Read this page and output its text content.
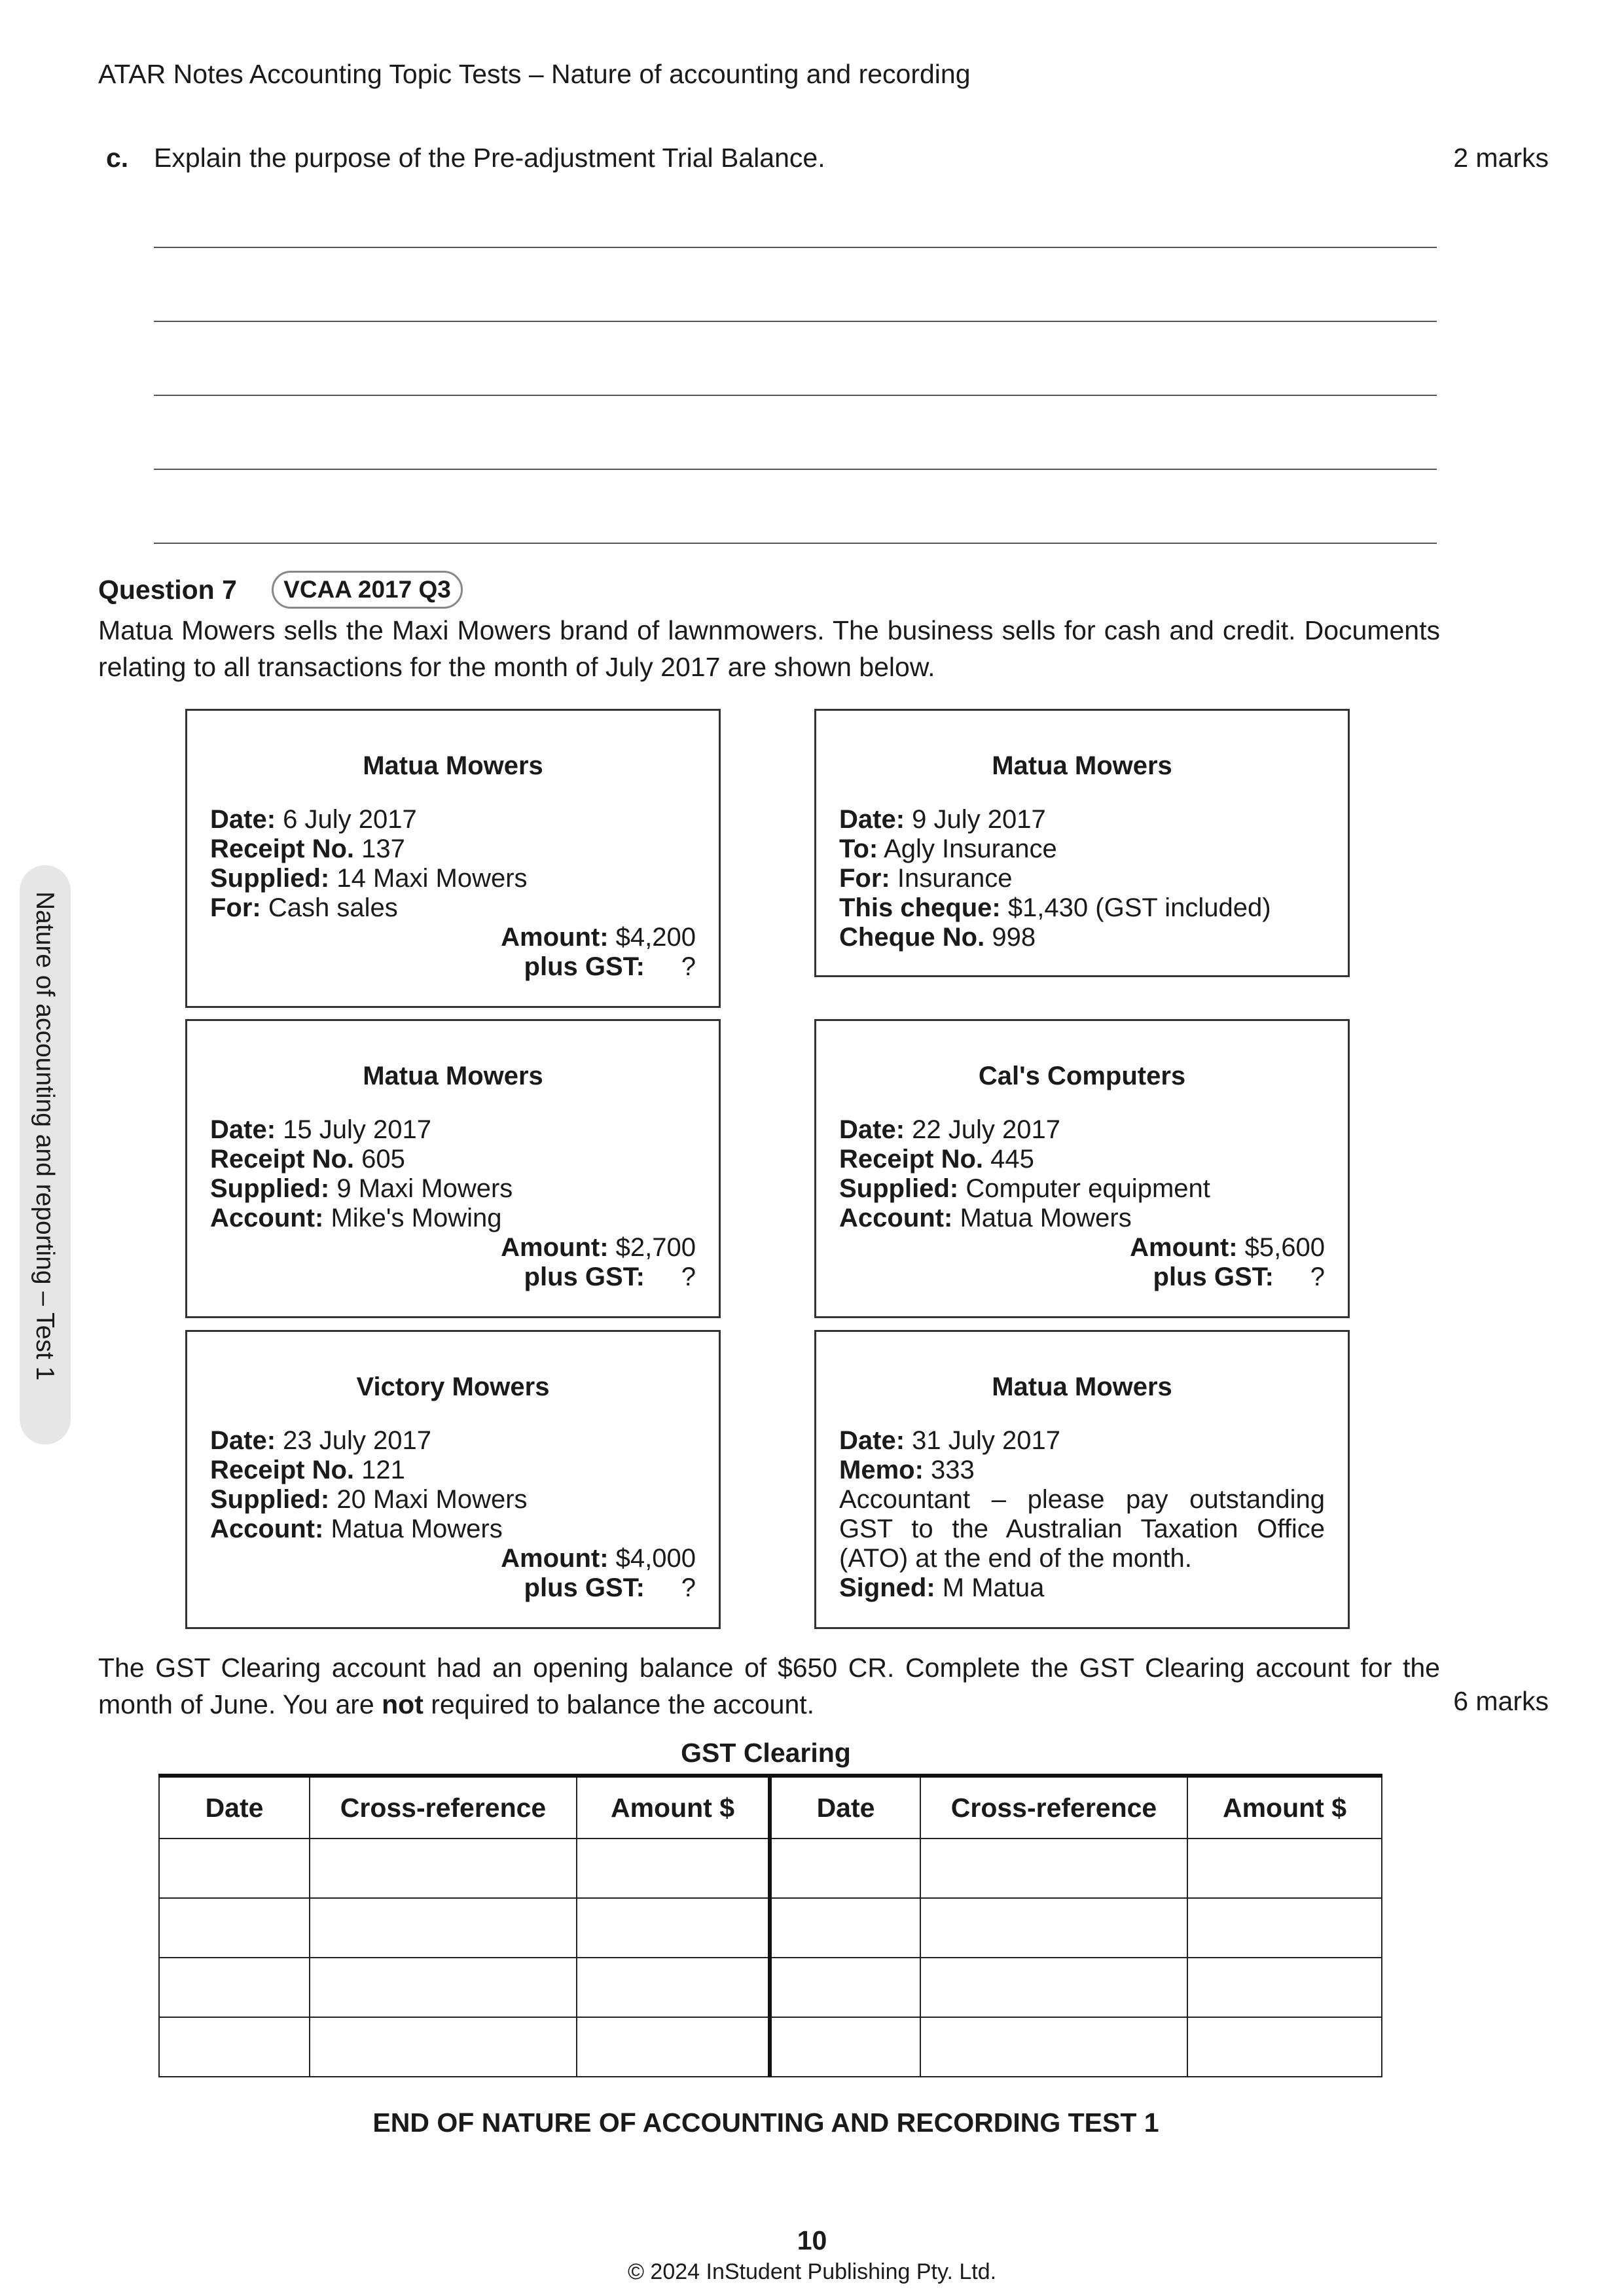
ATAR Notes Accounting Topic Tests – Nature of accounting and recording
c. Explain the purpose of the Pre-adjustment Trial Balance.	2 marks
Question 7	VCAA 2017 Q3
Matua Mowers sells the Maxi Mowers brand of lawnmowers. The business sells for cash and credit. Documents relating to all transactions for the month of July 2017 are shown below.
Nature of accounting and reporting – Test 1
Matua Mowers
Date: 6 July 2017
Receipt No. 137
Supplied: 14 Maxi Mowers
For: Cash sales
Amount: $4,200
plus GST: ?
Matua Mowers
Date: 9 July 2017
To: Agly Insurance
For: Insurance
This cheque: $1,430 (GST included)
Cheque No. 998
Matua Mowers
Date: 15 July 2017
Receipt No. 605
Supplied: 9 Maxi Mowers
Account: Mike's Mowing
Amount: $2,700
plus GST: ?
Cal's Computers
Date: 22 July 2017
Receipt No. 445
Supplied: Computer equipment
Account: Matua Mowers
Amount: $5,600
plus GST: ?
Victory Mowers
Date: 23 July 2017
Receipt No. 121
Supplied: 20 Maxi Mowers
Account: Matua Mowers
Amount: $4,000
plus GST: ?
Matua Mowers
Date: 31 July 2017
Memo: 333
Accountant – please pay outstanding GST to the Australian Taxation Office (ATO) at the end of the month.
Signed: M Matua
The GST Clearing account had an opening balance of $650 CR. Complete the GST Clearing account for the month of June. You are not required to balance the account.	6 marks
GST Clearing
Date	Cross-reference	Amount $	Date	Cross-reference	Amount $

END OF NATURE OF ACCOUNTING AND RECORDING TEST 1
10
© 2024 InStudent Publishing Pty. Ltd.
